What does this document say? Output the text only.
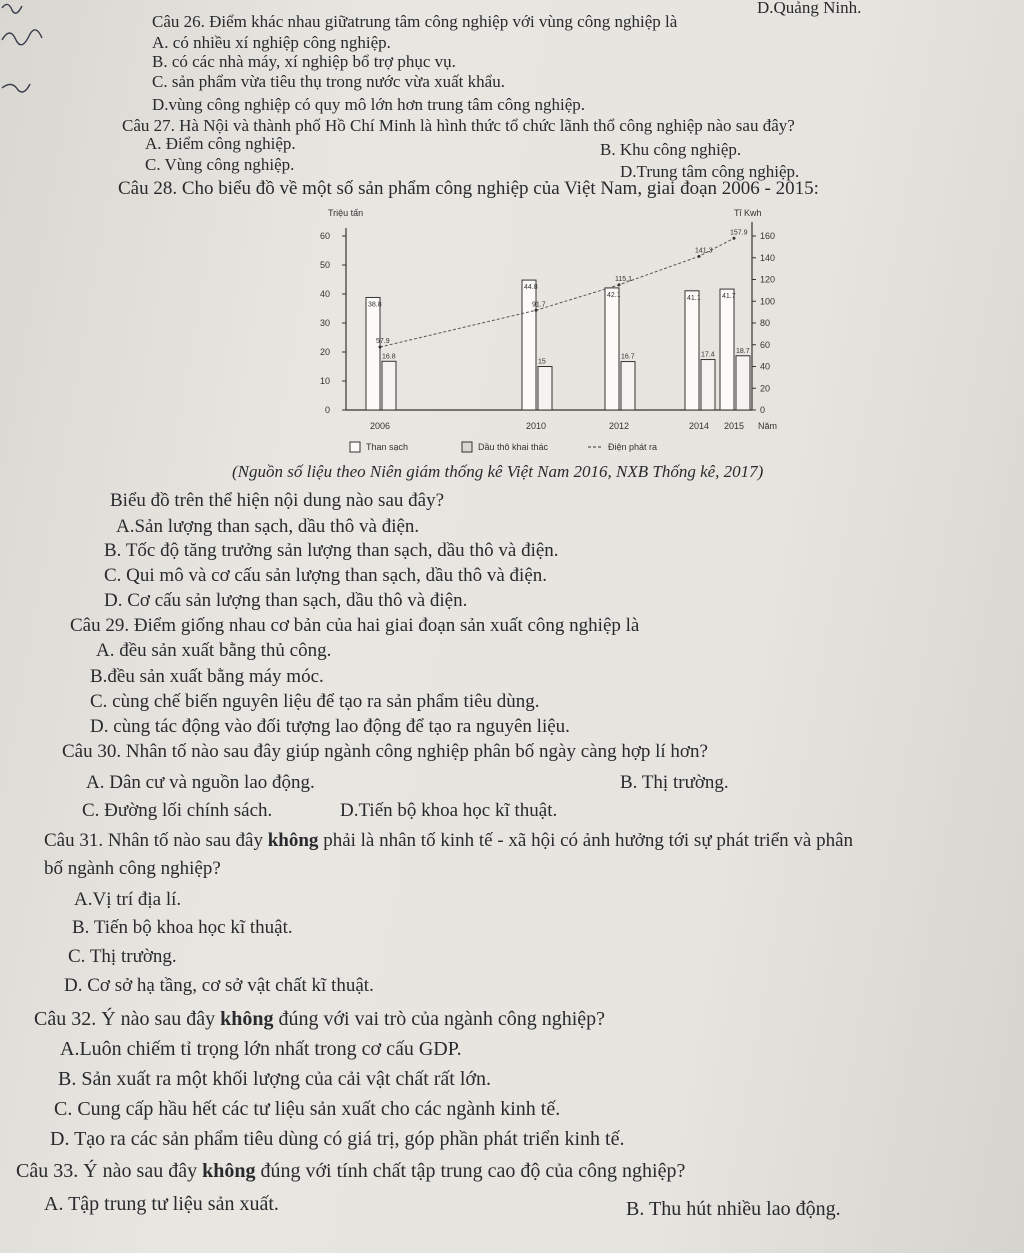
D.Quảng Ninh.
Câu 26. Điểm khác nhau giữatrung tâm công nghiệp với vùng công nghiệp là
A. có nhiều xí nghiệp công nghiệp.
B. có các nhà máy, xí nghiệp bổ trợ phục vụ.
C. sản phẩm vừa tiêu thụ trong nước vừa xuất khẩu.
D.vùng công nghiệp có quy mô lớn hơn trung tâm công nghiệp.
Câu 27. Hà Nội và thành phố Hồ Chí Minh là hình thức tổ chức lãnh thổ công nghiệp nào sau đây?
A. Điểm công nghiệp.	B. Khu công nghiệp.
C. Vùng công nghiệp.	D.Trung tâm công nghiệp.
Câu 28. Cho biểu đồ về một số sản phẩm công nghiệp của Việt Nam, giai đoạn 2006 - 2015:
Triệu tấn	Tỉ Kwh
Năm
0
10
20
30
40
50
60
0
20
40
60
80
100
120
140
160
38.8
16.8
2006
44.8
15
2010
42.1
16.7
2012
41.1
17.4
2014
41.7
18.7
2015
57.9
91.7
115.1
141.3
157.9
Than sạch	Dầu thô khai thác	Điện phát ra
(Nguồn số liệu theo Niên giám thống kê Việt Nam 2016, NXB Thống kê, 2017)
Biểu đồ trên thể hiện nội dung nào sau đây?
A.Sản lượng than sạch, dầu thô và điện.
B. Tốc độ tăng trưởng sản lượng than sạch, dầu thô và điện.
C. Qui mô và cơ cấu sản lượng than sạch, dầu thô và điện.
D. Cơ cấu sản lượng than sạch, dầu thô và điện.
Câu 29. Điểm giống nhau cơ bản của hai giai đoạn sản xuất công nghiệp là
A. đều sản xuất bằng thủ công.
B.đều sản xuất bằng máy móc.
C. cùng chế biến nguyên liệu để tạo ra sản phẩm tiêu dùng.
D. cùng tác động vào đối tượng lao động để tạo ra nguyên liệu.
Câu 30. Nhân tố nào sau đây giúp ngành công nghiệp phân bố ngày càng hợp lí hơn?
A. Dân cư và nguồn lao động.	B. Thị trường.
C. Đường lối chính sách.	D.Tiến bộ khoa học kĩ thuật.
Câu 31. Nhân tố nào sau đây không phải là nhân tố kinh tế - xã hội có ảnh hưởng tới sự phát triển và phân
bố ngành công nghiệp?
A.Vị trí địa lí.
B. Tiến bộ khoa học kĩ thuật.
C. Thị trường.
D. Cơ sở hạ tầng, cơ sở vật chất kĩ thuật.
Câu 32. Ý nào sau đây không đúng với vai trò của ngành công nghiệp?
A.Luôn chiếm tỉ trọng lớn nhất trong cơ cấu GDP.
B. Sản xuất ra một khối lượng của cải vật chất rất lớn.
C. Cung cấp hầu hết các tư liệu sản xuất cho các ngành kinh tế.
D. Tạo ra các sản phẩm tiêu dùng có giá trị, góp phần phát triển kinh tế.
Câu 33. Ý nào sau đây không đúng với tính chất tập trung cao độ của công nghiệp?
A. Tập trung tư liệu sản xuất.	B. Thu hút nhiều lao động.
